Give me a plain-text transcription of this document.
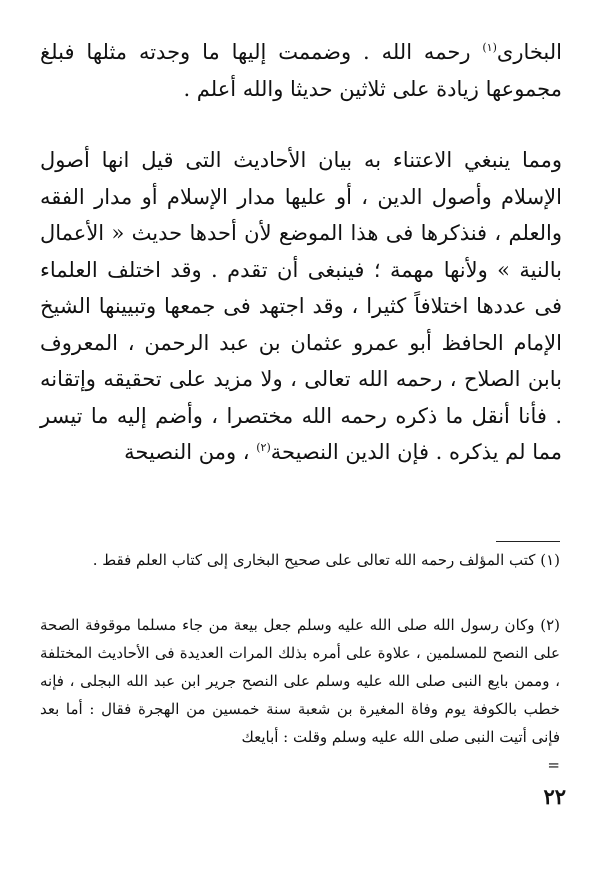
البخارى$^{(١)}$ رحمه الله . وضممت إليها ما وجدته مثلها فبلغ مجموعها زيادة على ثلاثين حديثا والله أعلم .

ومما ينبغي الاعتناء به بيان الأحاديث التى قيل انها أصول الإسلام وأصول الدين ، أو عليها مدار الإسلام أو مدار الفقه والعلم ، فنذكرها فى هذا الموضع لأن أحدها حديث « الأعمال بالنية » ولأنها مهمة ؛ فينبغى أن تقدم . وقد اختلف العلماء فى عددها اختلافاً كثيرا ، وقد اجتهد فى جمعها وتبيينها الشيخ الإمام الحافظ أبو عمرو عثمان بن عبد الرحمن ، المعروف بابن الصلاح ، رحمه الله تعالى ، ولا مزيد على تحقيقه وإتقانه . فأنا أنقل ما ذكره رحمه الله مختصرا ، وأضم إليه ما تيسر مما لم يذكره . فإن الدين النصيحة$^{(٢)}$ ، ومن النصيحة

(١) كتب المؤلف رحمه الله تعالى على صحيح البخارى إلى كتاب العلم فقط .

(٢) وكان رسول الله صلى الله عليه وسلم جعل بيعة من جاء مسلما موقوفة الصحة على النصح للمسلمين ، علاوة على أمره بذلك المرات العديدة فى الأحاديث المختلفة ، وممن بايع النبى صلى الله عليه وسلم على النصح جرير ابن عبد الله البجلى ، فإنه خطب بالكوفة يوم وفاة المغيرة بن شعبة سنة خمسين من الهجرة فقال : أما بعد فإنى أتيت النبى صلى الله عليه وسلم وقلت : أبايعك
=

٢٢
